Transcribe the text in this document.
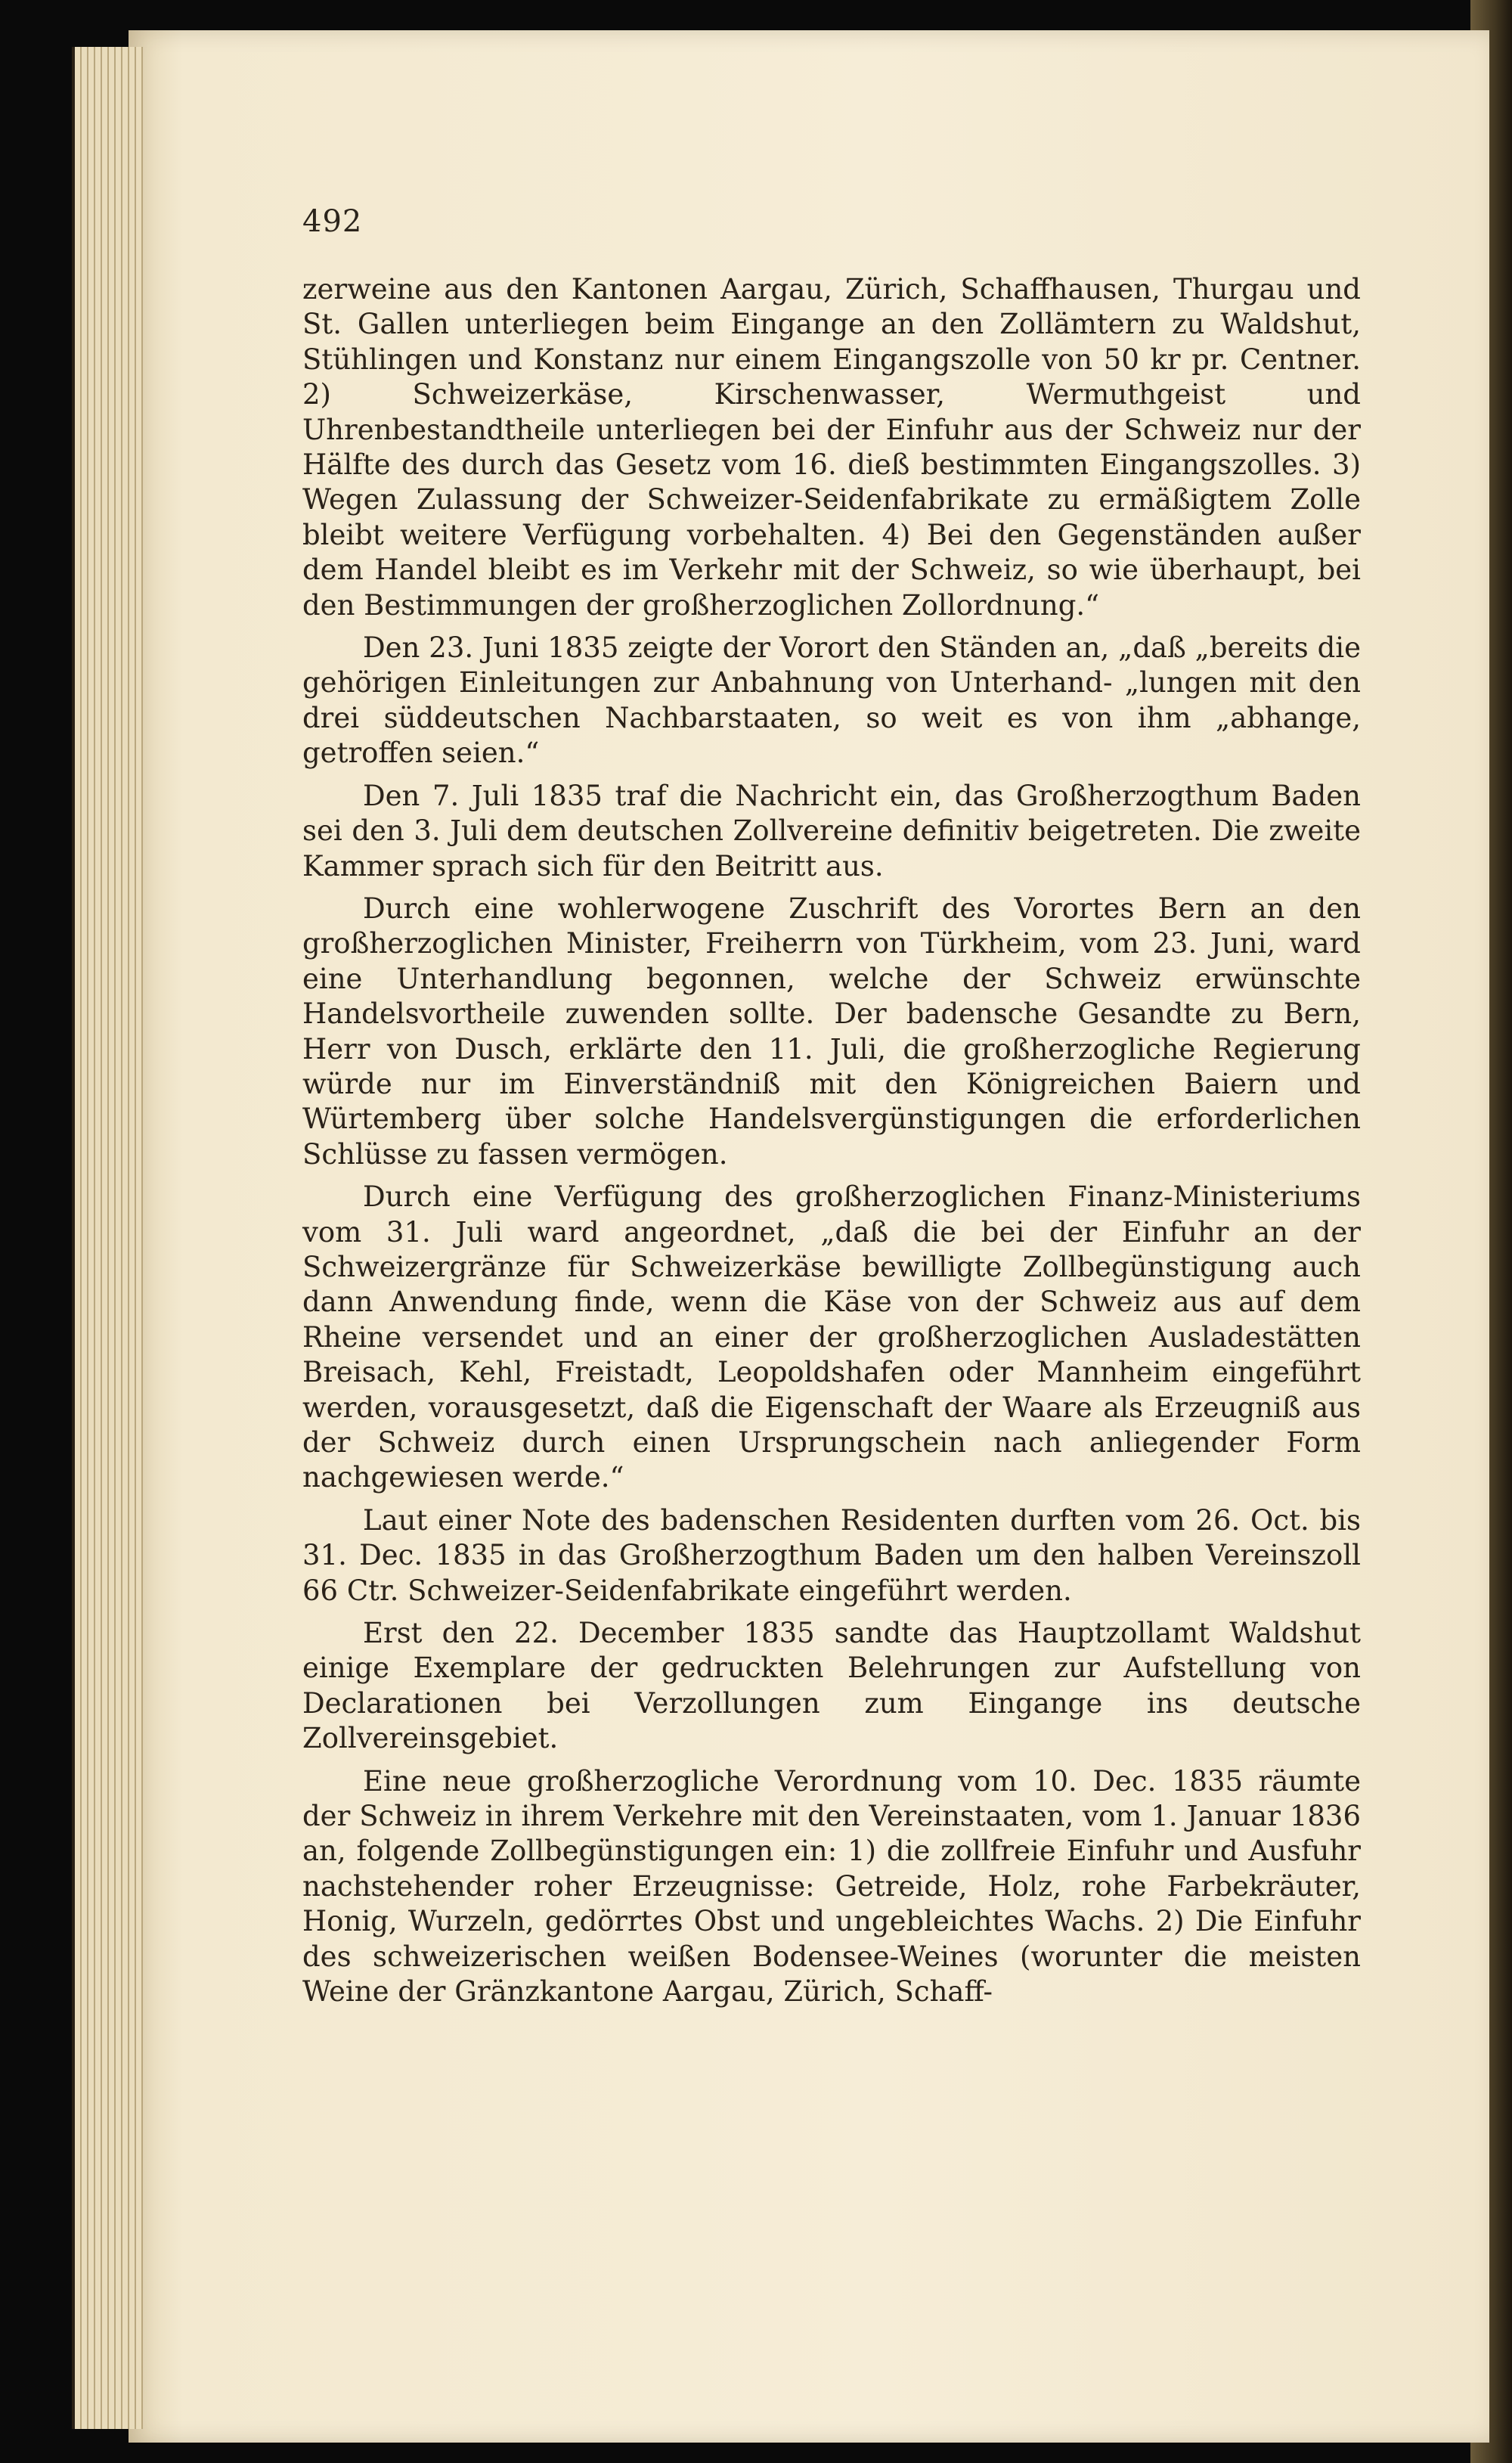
492

zerweine aus den Kantonen Aargau, Zürich, Schaffhausen, Thurgau und St. Gallen unterliegen beim Eingange an den Zollämtern zu Waldshut, Stühlingen und Konstanz nur einem Eingangszolle von 50 kr pr. Centner. 2) Schweizerkäse, Kirschenwasser, Wermuthgeist und Uhrenbestandtheile unterliegen bei der Einfuhr aus der Schweiz nur der Hälfte des durch das Gesetz vom 16. dieß bestimmten Eingangszolles. 3) Wegen Zulassung der Schweizer-Seidenfabrikate zu ermäßigtem Zolle bleibt weitere Verfügung vorbehalten. 4) Bei den Gegenständen außer dem Handel bleibt es im Verkehr mit der Schweiz, so wie überhaupt, bei den Bestimmungen der großherzoglichen Zollordnung.“

Den 23. Juni 1835 zeigte der Vorort den Ständen an, „daß „bereits die gehörigen Einleitungen zur Anbahnung von Unterhand- „lungen mit den drei süddeutschen Nachbarstaaten, so weit es von ihm „abhange, getroffen seien.“

Den 7. Juli 1835 traf die Nachricht ein, das Großherzogthum Baden sei den 3. Juli dem deutschen Zollvereine definitiv beigetreten. Die zweite Kammer sprach sich für den Beitritt aus.

Durch eine wohlerwogene Zuschrift des Vorortes Bern an den großherzoglichen Minister, Freiherrn von Türkheim, vom 23. Juni, ward eine Unterhandlung begonnen, welche der Schweiz erwünschte Handelsvortheile zuwenden sollte. Der badensche Gesandte zu Bern, Herr von Dusch, erklärte den 11. Juli, die großherzogliche Regierung würde nur im Einverständniß mit den Königreichen Baiern und Würtemberg über solche Handelsvergünstigungen die erforderlichen Schlüsse zu fassen vermögen.

Durch eine Verfügung des großherzoglichen Finanz-Ministeriums vom 31. Juli ward angeordnet, „daß die bei der Einfuhr an der Schweizergränze für Schweizerkäse bewilligte Zollbegünstigung auch dann Anwendung finde, wenn die Käse von der Schweiz aus auf dem Rheine versendet und an einer der großherzoglichen Ausladestätten Breisach, Kehl, Freistadt, Leopoldshafen oder Mannheim eingeführt werden, vorausgesetzt, daß die Eigenschaft der Waare als Erzeugniß aus der Schweiz durch einen Ursprungschein nach anliegender Form nachgewiesen werde.“

Laut einer Note des badenschen Residenten durften vom 26. Oct. bis 31. Dec. 1835 in das Großherzogthum Baden um den halben Vereinszoll 66 Ctr. Schweizer-Seidenfabrikate eingeführt werden.

Erst den 22. December 1835 sandte das Hauptzollamt Waldshut einige Exemplare der gedruckten Belehrungen zur Aufstellung von Declarationen bei Verzollungen zum Eingange ins deutsche Zollvereinsgebiet.

Eine neue großherzogliche Verordnung vom 10. Dec. 1835 räumte der Schweiz in ihrem Verkehre mit den Vereinstaaten, vom 1. Januar 1836 an, folgende Zollbegünstigungen ein: 1) die zollfreie Einfuhr und Ausfuhr nachstehender roher Erzeugnisse: Getreide, Holz, rohe Farbekräuter, Honig, Wurzeln, gedörrtes Obst und ungebleichtes Wachs. 2) Die Einfuhr des schweizerischen weißen Bodensee-Weines (worunter die meisten Weine der Gränzkantone Aargau, Zürich, Schaff-
